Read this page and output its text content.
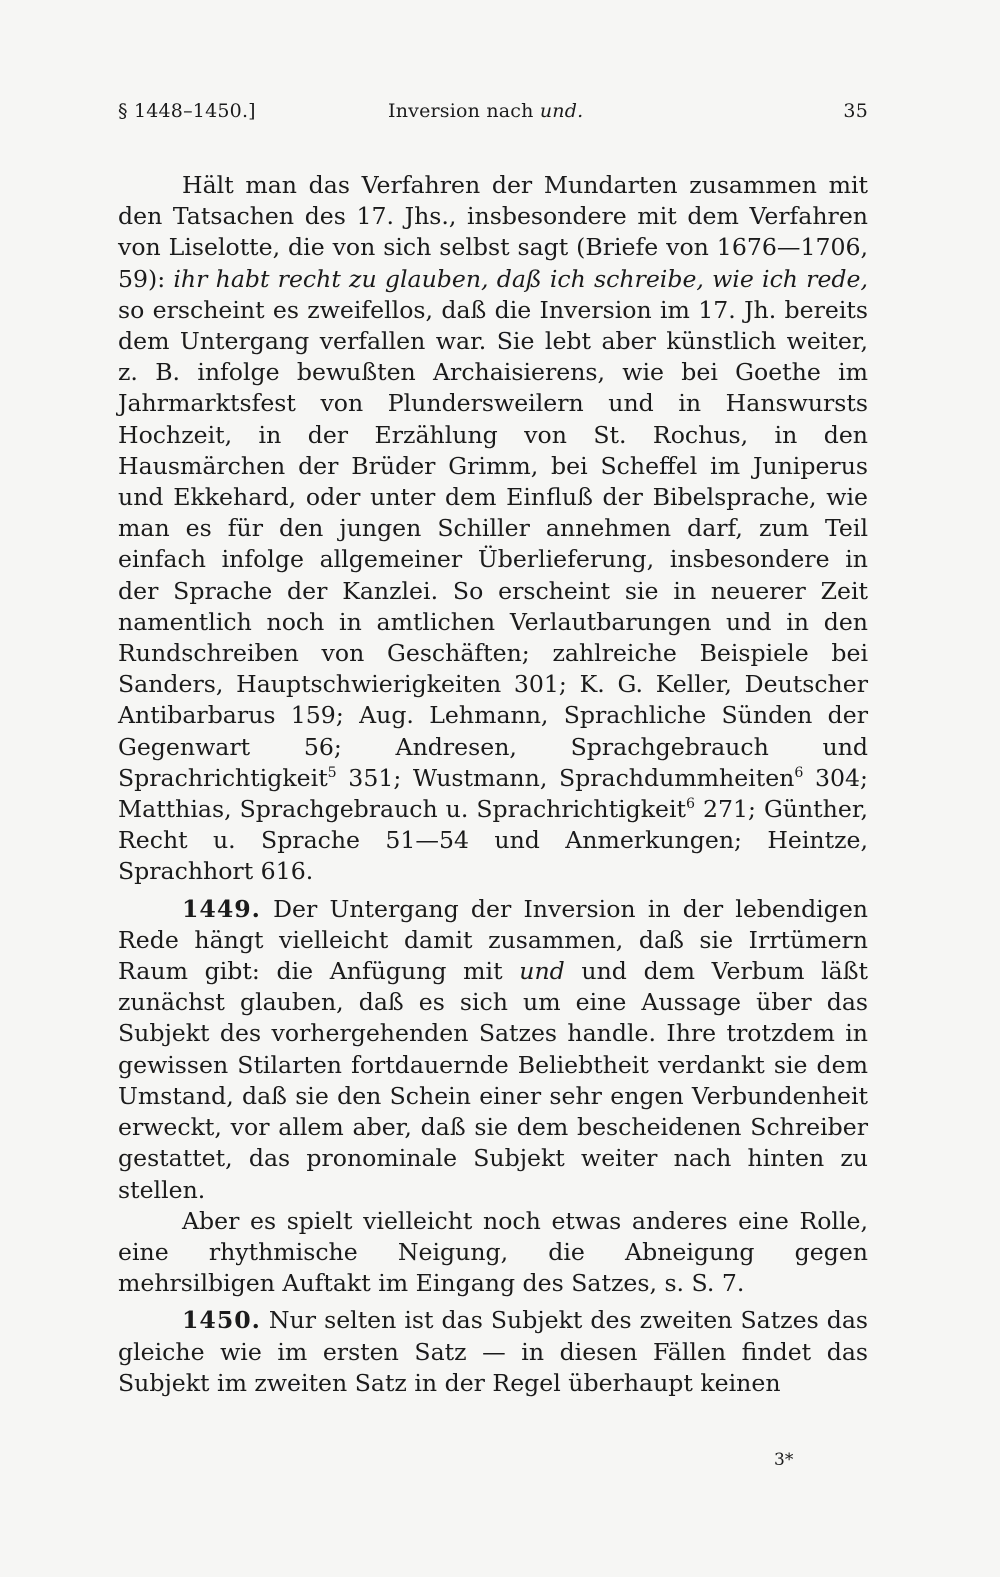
§ 1448–1450.]	Inversion nach und.	35

Hält man das Verfahren der Mundarten zusammen mit den Tatsachen des 17. Jhs., insbesondere mit dem Verfahren von Liselotte, die von sich selbst sagt (Briefe von 1676—1706, 59): ihr habt recht zu glauben, daß ich schreibe, wie ich rede, so erscheint es zweifellos, daß die Inversion im 17. Jh. bereits dem Untergang verfallen war. Sie lebt aber künstlich weiter, z. B. infolge bewußten Archaisierens, wie bei Goethe im Jahrmarktsfest von Plundersweilern und in Hanswursts Hochzeit, in der Erzählung von St. Rochus, in den Hausmärchen der Brüder Grimm, bei Scheffel im Juniperus und Ekkehard, oder unter dem Einfluß der Bibelsprache, wie man es für den jungen Schiller annehmen darf, zum Teil einfach infolge allgemeiner Überlieferung, insbesondere in der Sprache der Kanzlei. So erscheint sie in neuerer Zeit namentlich noch in amtlichen Verlautbarungen und in den Rundschreiben von Geschäften; zahlreiche Beispiele bei Sanders, Hauptschwierigkeiten 301; K. G. Keller, Deutscher Antibarbarus 159; Aug. Lehmann, Sprachliche Sünden der Gegenwart 56; Andresen, Sprachgebrauch und Sprachrichtigkeit$^5$ 351; Wustmann, Sprachdummheiten$^6$ 304; Matthias, Sprachgebrauch u. Sprachrichtigkeit$^6$ 271; Günther, Recht u. Sprache 51—54 und Anmerkungen; Heintze, Sprachhort 616.

1449. Der Untergang der Inversion in der lebendigen Rede hängt vielleicht damit zusammen, daß sie Irrtümern Raum gibt: die Anfügung mit und und dem Verbum läßt zunächst glauben, daß es sich um eine Aussage über das Subjekt des vorhergehenden Satzes handle. Ihre trotzdem in gewissen Stilarten fortdauernde Beliebtheit verdankt sie dem Umstand, daß sie den Schein einer sehr engen Verbundenheit erweckt, vor allem aber, daß sie dem bescheidenen Schreiber gestattet, das pronominale Subjekt weiter nach hinten zu stellen.

Aber es spielt vielleicht noch etwas anderes eine Rolle, eine rhythmische Neigung, die Abneigung gegen mehrsilbigen Auftakt im Eingang des Satzes, s. S. 7.

1450. Nur selten ist das Subjekt des zweiten Satzes das gleiche wie im ersten Satz — in diesen Fällen findet das Subjekt im zweiten Satz in der Regel überhaupt keinen

3*
